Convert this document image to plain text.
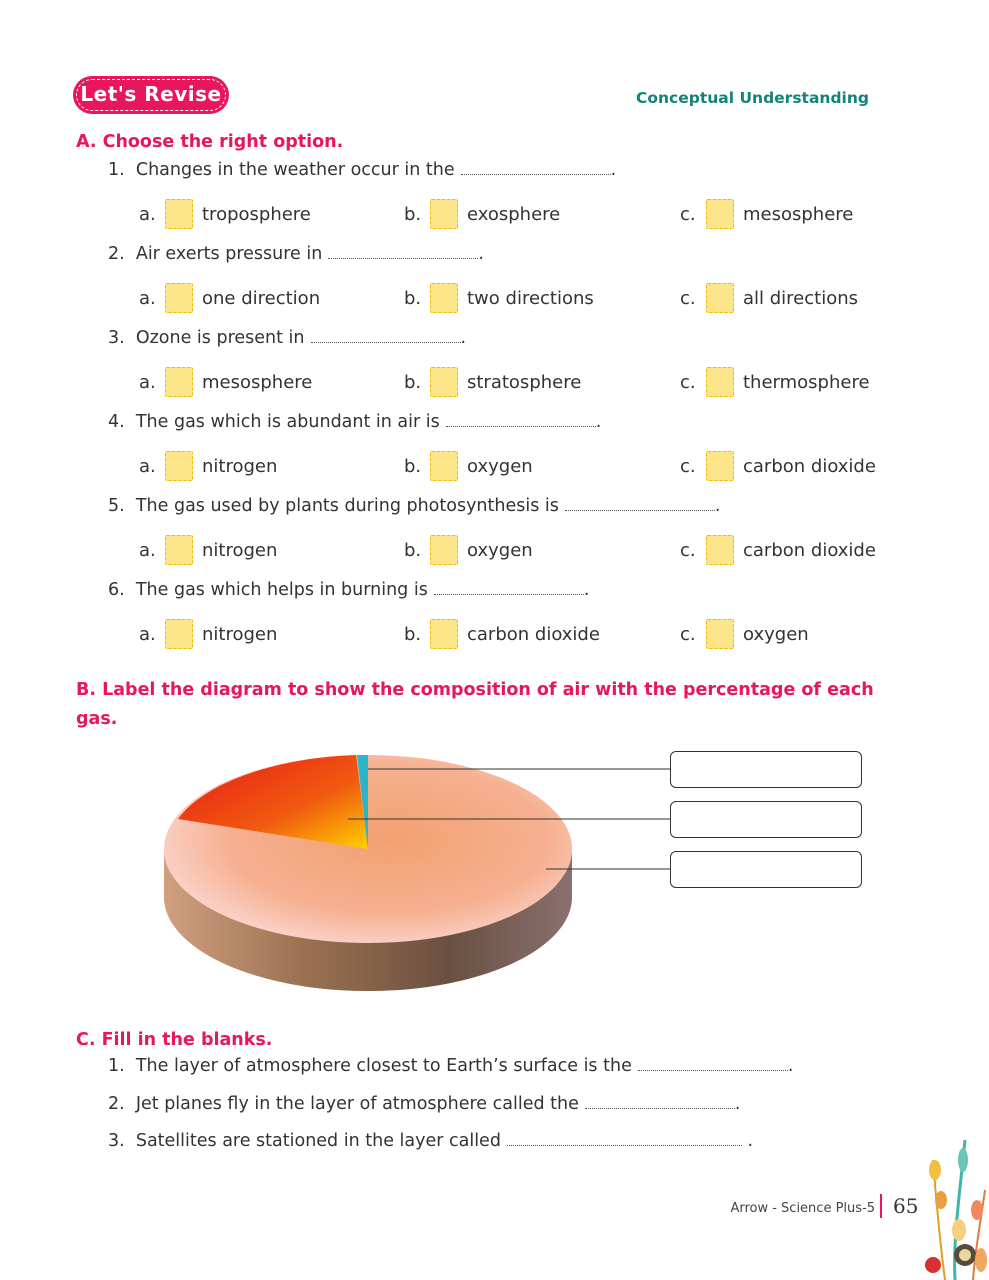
Let's Revise	Conceptual Understanding
A. Choose the right option.
1. Changes in the weather occur in the	.
a.	troposphere	b.	exosphere	c.	mesosphere
2. Air exerts pressure in	.
a.	one direction	b.	two directions	c.	all directions
3. Ozone is present in	.
a.	mesosphere	b.	stratosphere	c.	thermosphere
4. The gas which is abundant in air is	.
a.	nitrogen	b.	oxygen	c.	carbon dioxide
5. The gas used by plants during photosynthesis is	.
a.	nitrogen	b.	oxygen	c.	carbon dioxide
6. The gas which helps in burning is	.
a.	nitrogen	b.	carbon dioxide	c.	oxygen
B. Label the diagram to show the composition of air with the percentage of each
gas.
C. Fill in the blanks.
1. The layer of atmosphere closest to Earth’s surface is the	.
2. Jet planes fly in the layer of atmosphere called the	.
3. Satellites are stationed in the layer called	.
Arrow - Science Plus-5 65
